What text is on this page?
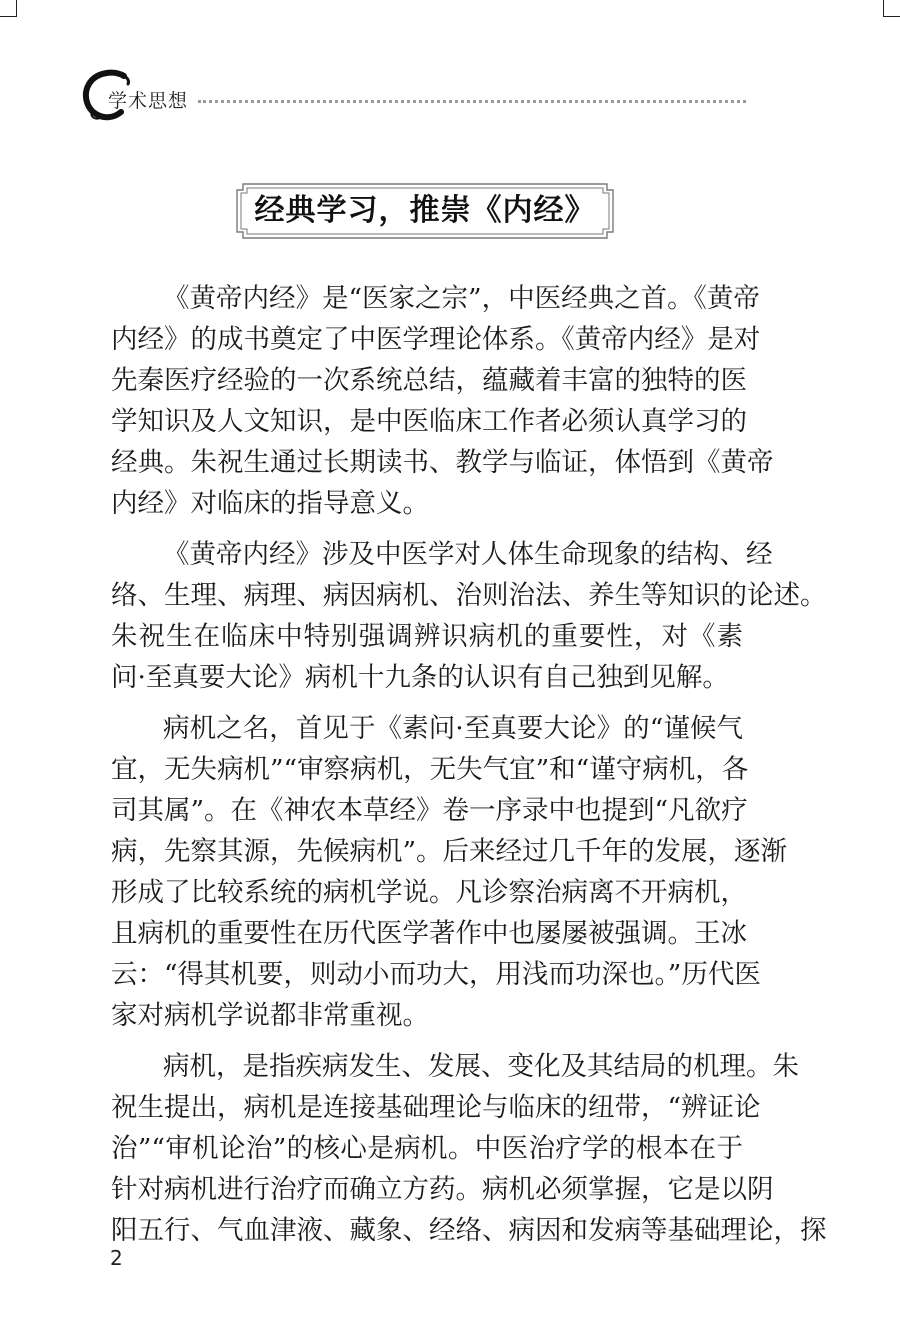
学术思想
经典学习，推崇《内经》

《黄帝内经》是“医家之宗”，中医经典之首。《黄帝
内经》的成书奠定了中医学理论体系。《黄帝内经》是对
先秦医疗经验的一次系统总结，蕴藏着丰富的独特的医
学知识及人文知识，是中医临床工作者必须认真学习的
经典。朱祝生通过长期读书、教学与临证，体悟到《黄帝
内经》对临床的指导意义。

《黄帝内经》涉及中医学对人体生命现象的结构、经
络、生理、病理、病因病机、治则治法、养生等知识的论述。
朱祝生在临床中特别强调辨识病机的重要性，对《素
问·至真要大论》病机十九条的认识有自己独到见解。

病机之名，首见于《素问·至真要大论》的“谨候气
宜，无失病机”“审察病机，无失气宜”和“谨守病机，各
司其属”。在《神农本草经》卷一序录中也提到“凡欲疗
病，先察其源，先候病机”。后来经过几千年的发展，逐渐
形成了比较系统的病机学说。凡诊察治病离不开病机，
且病机的重要性在历代医学著作中也屡屡被强调。王冰
云：“得其机要，则动小而功大，用浅而功深也。”历代医
家对病机学说都非常重视。

病机，是指疾病发生、发展、变化及其结局的机理。朱
祝生提出，病机是连接基础理论与临床的纽带，“辨证论
治”“审机论治”的核心是病机。中医治疗学的根本在于
针对病机进行治疗而确立方药。病机必须掌握，它是以阴
阳五行、气血津液、藏象、经络、病因和发病等基础理论，探

2
